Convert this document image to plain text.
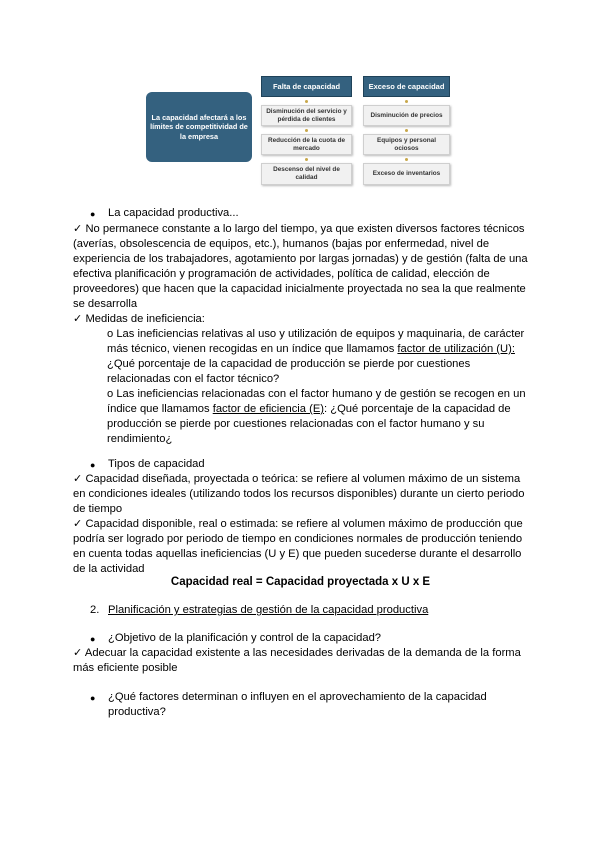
La capacidad afectará a los límites de competitividad de la empresa
Falta de capacidad	Exceso de capacidad
Disminución del servicio y pérdida de clientes
Disminución de precios
Reducción de la cuota de mercado
Equipos y personal ociosos
Descenso del nivel de calidad
Exceso de inventarios
● La capacidad productiva...
✓ No permanece constante a lo largo del tiempo, ya que existen diversos factores técnicos
(averías, obsolescencia de equipos, etc.), humanos (bajas por enfermedad, nivel de
experiencia de los trabajadores, agotamiento por largas jornadas) y de gestión (falta de una
efectiva planificación y programación de actividades, política de calidad, elección de
proveedores) que hacen que la capacidad inicialmente proyectada no sea la que realmente
se desarrolla
✓ Medidas de ineficiencia:
o Las ineficiencias relativas al uso y utilización de equipos y maquinaria, de carácter
más técnico, vienen recogidas en un índice que llamamos factor de utilización (U):
¿Qué porcentaje de la capacidad de producción se pierde por cuestiones
relacionadas con el factor técnico?
o Las ineficiencias relacionadas con el factor humano y de gestión se recogen en un
índice que llamamos factor de eficiencia (E): ¿Qué porcentaje de la capacidad de
producción se pierde por cuestiones relacionadas con el factor humano y su
rendimiento¿
● Tipos de capacidad
✓ Capacidad diseñada, proyectada o teórica: se refiere al volumen máximo de un sistema
en condiciones ideales (utilizando todos los recursos disponibles) durante un cierto periodo
de tiempo
✓ Capacidad disponible, real o estimada: se refiere al volumen máximo de producción que
podría ser logrado por periodo de tiempo en condiciones normales de producción teniendo
en cuenta todas aquellas ineficiencias (U y E) que pueden sucederse durante el desarrollo
de la actividad
Capacidad real = Capacidad proyectada x U x E
2. Planificación y estrategias de gestión de la capacidad productiva
● ¿Objetivo de la planificación y control de la capacidad?
✓ Adecuar la capacidad existente a las necesidades derivadas de la demanda de la forma
más eficiente posible
● ¿Qué factores determinan o influyen en el aprovechamiento de la capacidad
productiva?
